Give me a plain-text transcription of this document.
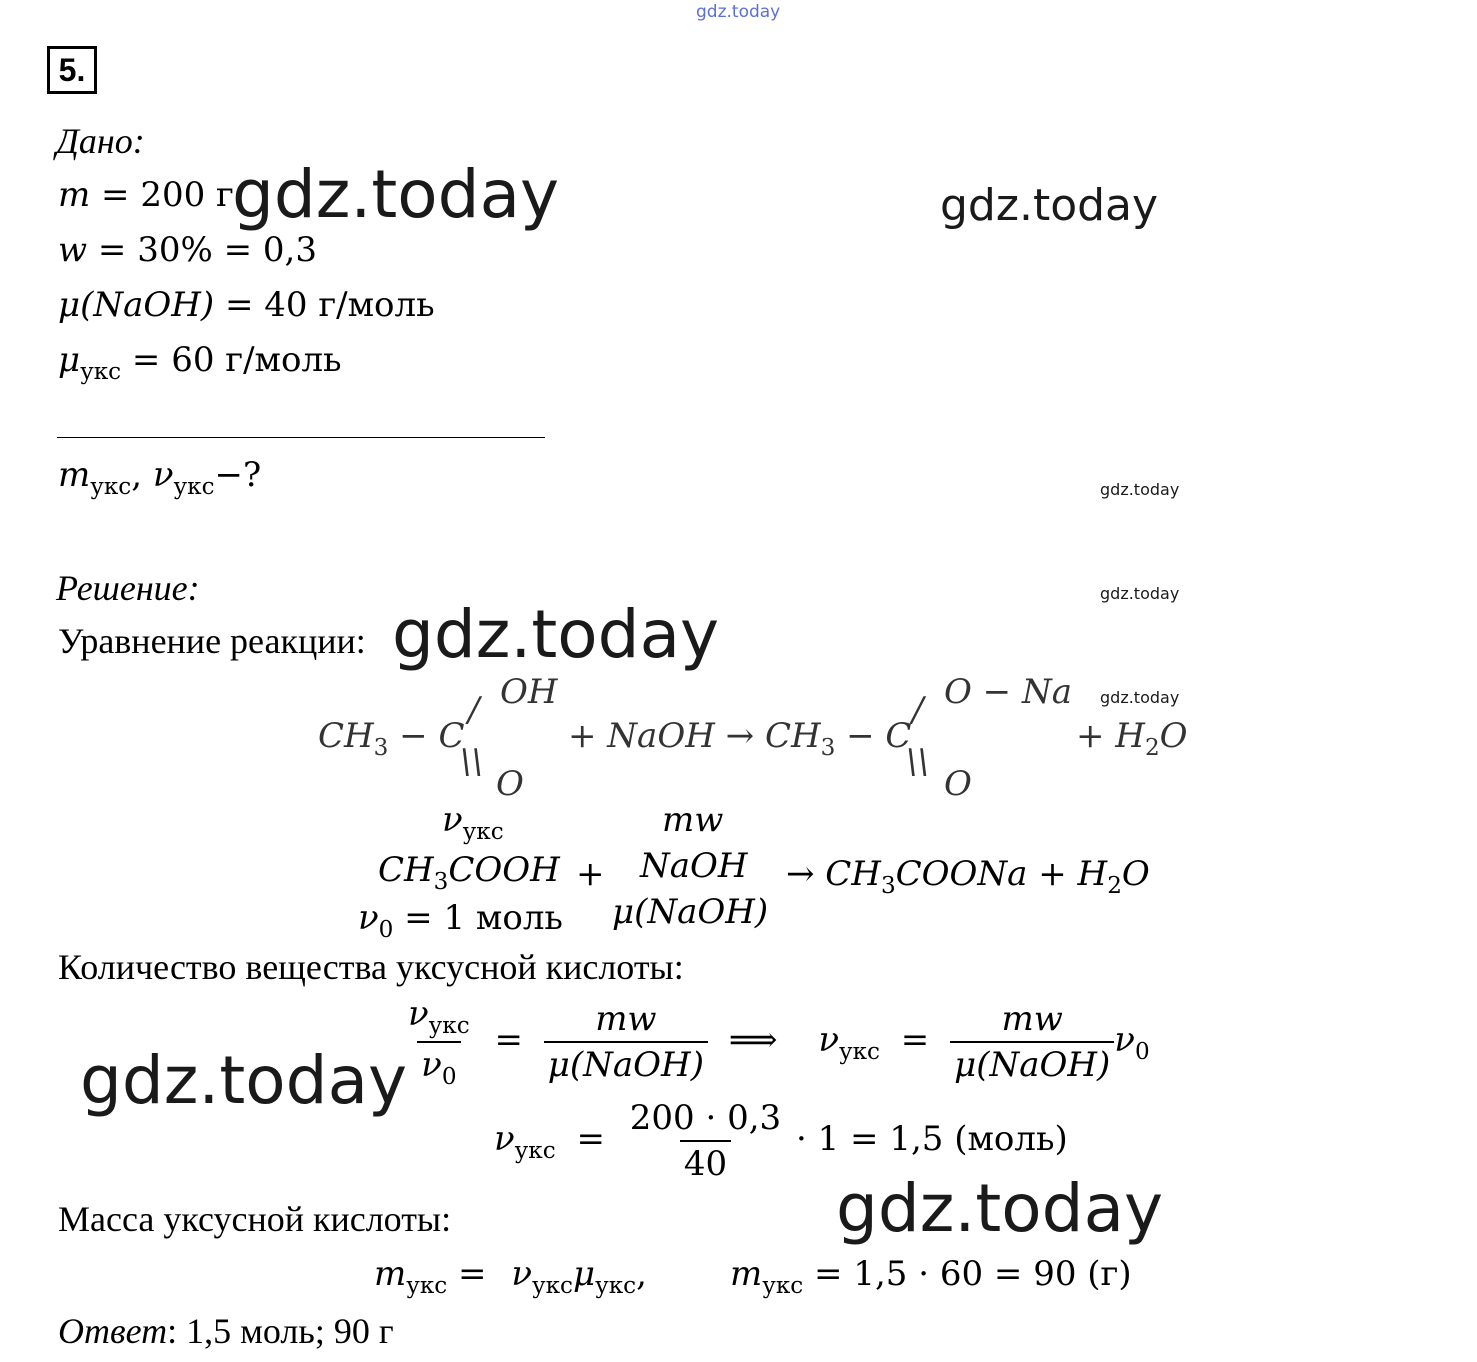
gdz.today
gdz.today	gdz.today
gdz.today
gdz.today
gdz.today
gdz.today
gdz.today
gdz.today
5.
Дано:
m = 200 г
w = 30% = 0,3
μ(NaOH) = 40 г/моль
$\mu_{укс} = 60$ г/моль
$m_{укс}$, $\nu_{укс}-$?
Решение:
Уравнение реакции:
$CH_3 - C$
/ OH
\\
O
+ NaOH → $CH_3 - C$
/ O − Na
\\
O
+ $H_2O$
$\nu_{укс}$	mw
$CH_3COOH$ + NaOH → $CH_3COONa + H_2O$
$\nu_0 = 1$ моль μ(NaOH)
Количество вещества уксусной кислоты:
$\frac{\nu_{укс}}{\nu_0} = \frac{mw}{\text{μ(NaOH)}}$ ⟹ $\nu_{укс} = \frac{mw}{\text{μ(NaOH)}} \nu_0$
$\nu_{укс} = \frac{200 \cdot 0,3}{40} \cdot 1 = 1,5$ (моль)
Масса уксусной кислоты:
$m_{укс} = \nu_{укс}\mu_{укс}$, $m_{укс} = 1,5 \cdot 60 = 90$ (г)
Ответ: 1,5 моль; 90 г
